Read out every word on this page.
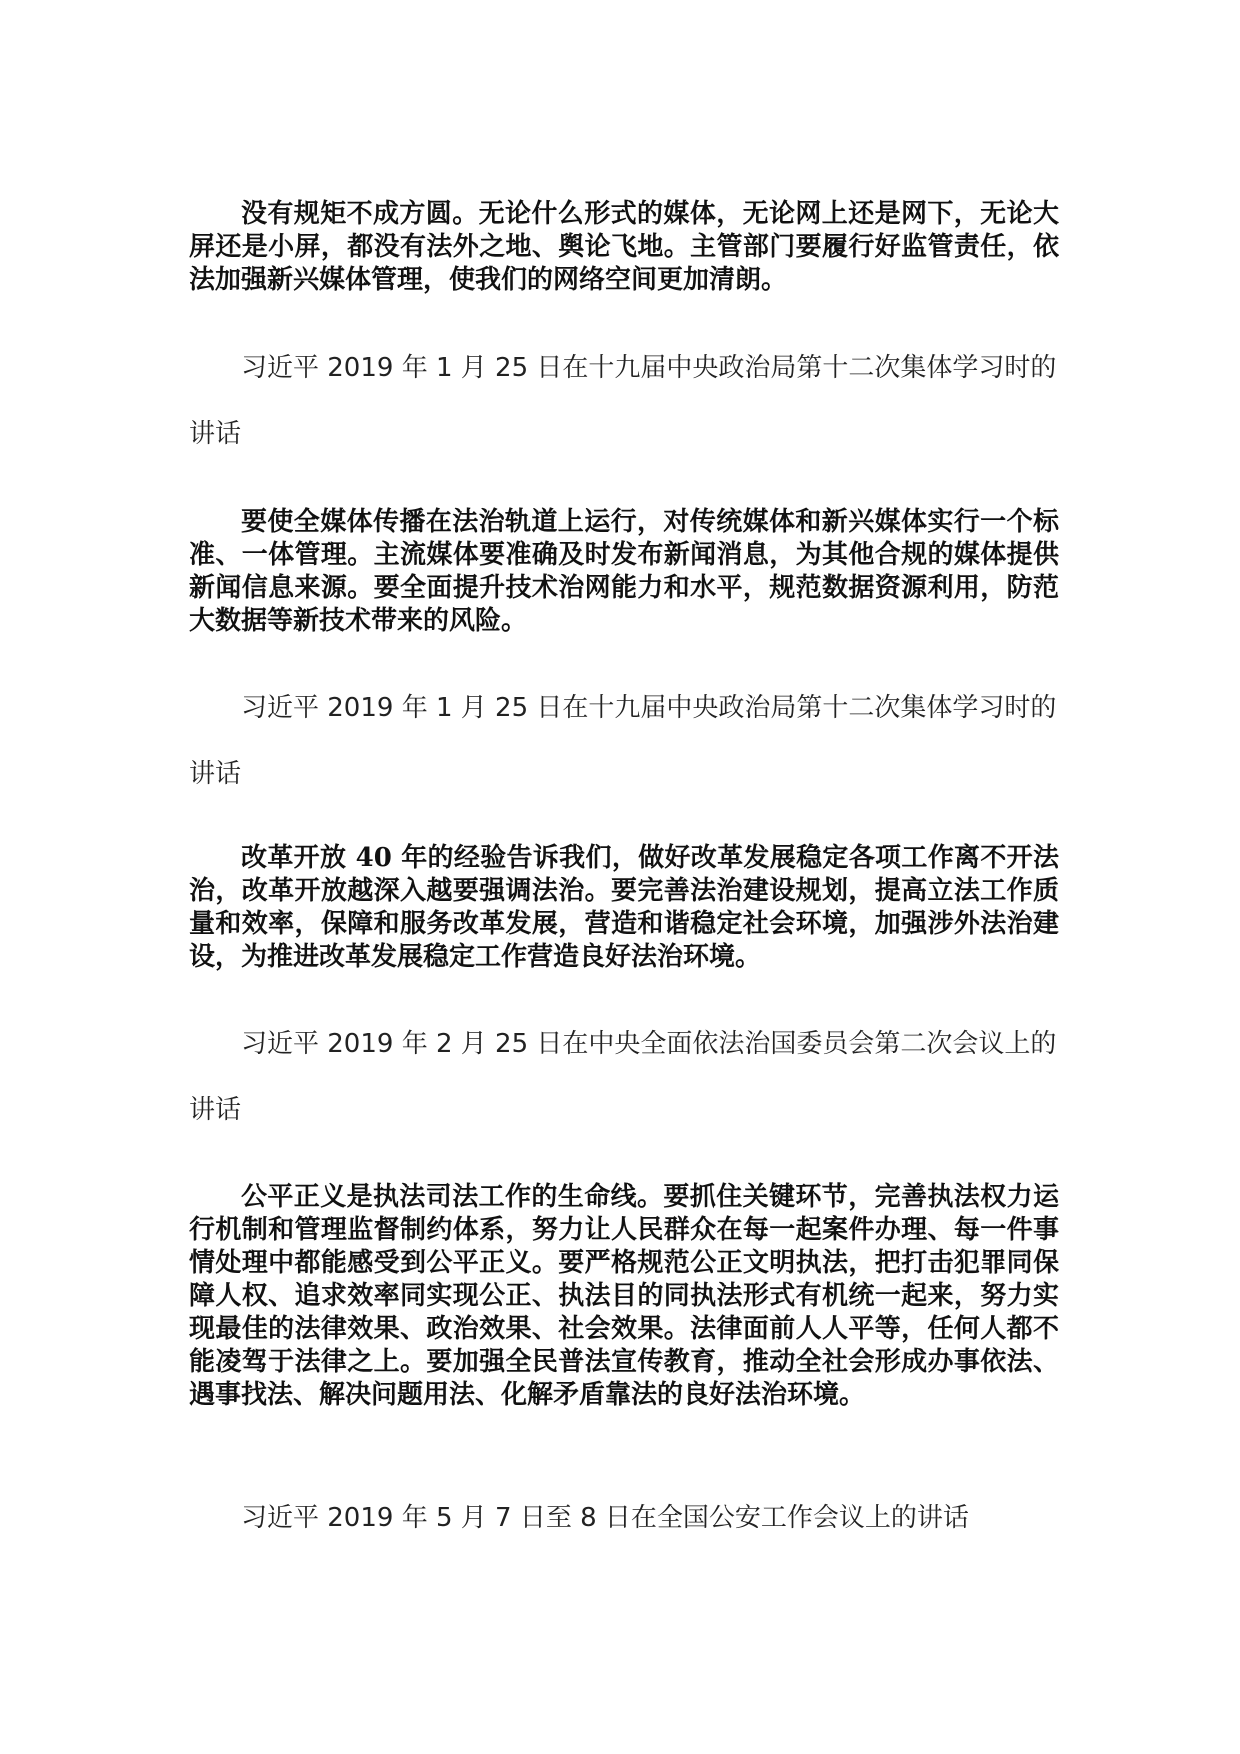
没有规矩不成方圆。无论什么形式的媒体，无论网上还是网下，无论大屏还是小屏，都没有法外之地、舆论飞地。主管部门要履行好监管责任，依法加强新兴媒体管理，使我们的网络空间更加清朗。

习近平 2019 年 1 月 25 日在十九届中央政治局第十二次集体学习时的讲话

要使全媒体传播在法治轨道上运行，对传统媒体和新兴媒体实行一个标准、一体管理。主流媒体要准确及时发布新闻消息，为其他合规的媒体提供新闻信息来源。要全面提升技术治网能力和水平，规范数据资源利用，防范大数据等新技术带来的风险。

习近平 2019 年 1 月 25 日在十九届中央政治局第十二次集体学习时的讲话

改革开放 40 年的经验告诉我们，做好改革发展稳定各项工作离不开法治，改革开放越深入越要强调法治。要完善法治建设规划，提高立法工作质量和效率，保障和服务改革发展，营造和谐稳定社会环境，加强涉外法治建设，为推进改革发展稳定工作营造良好法治环境。

习近平 2019 年 2 月 25 日在中央全面依法治国委员会第二次会议上的讲话

公平正义是执法司法工作的生命线。要抓住关键环节，完善执法权力运行机制和管理监督制约体系，努力让人民群众在每一起案件办理、每一件事情处理中都能感受到公平正义。要严格规范公正文明执法，把打击犯罪同保障人权、追求效率同实现公正、执法目的同执法形式有机统一起来，努力实现最佳的法律效果、政治效果、社会效果。法律面前人人平等，任何人都不能凌驾于法律之上。要加强全民普法宣传教育，推动全社会形成办事依法、遇事找法、解决问题用法、化解矛盾靠法的良好法治环境。

习近平 2019 年 5 月 7 日至 8 日在全国公安工作会议上的讲话
